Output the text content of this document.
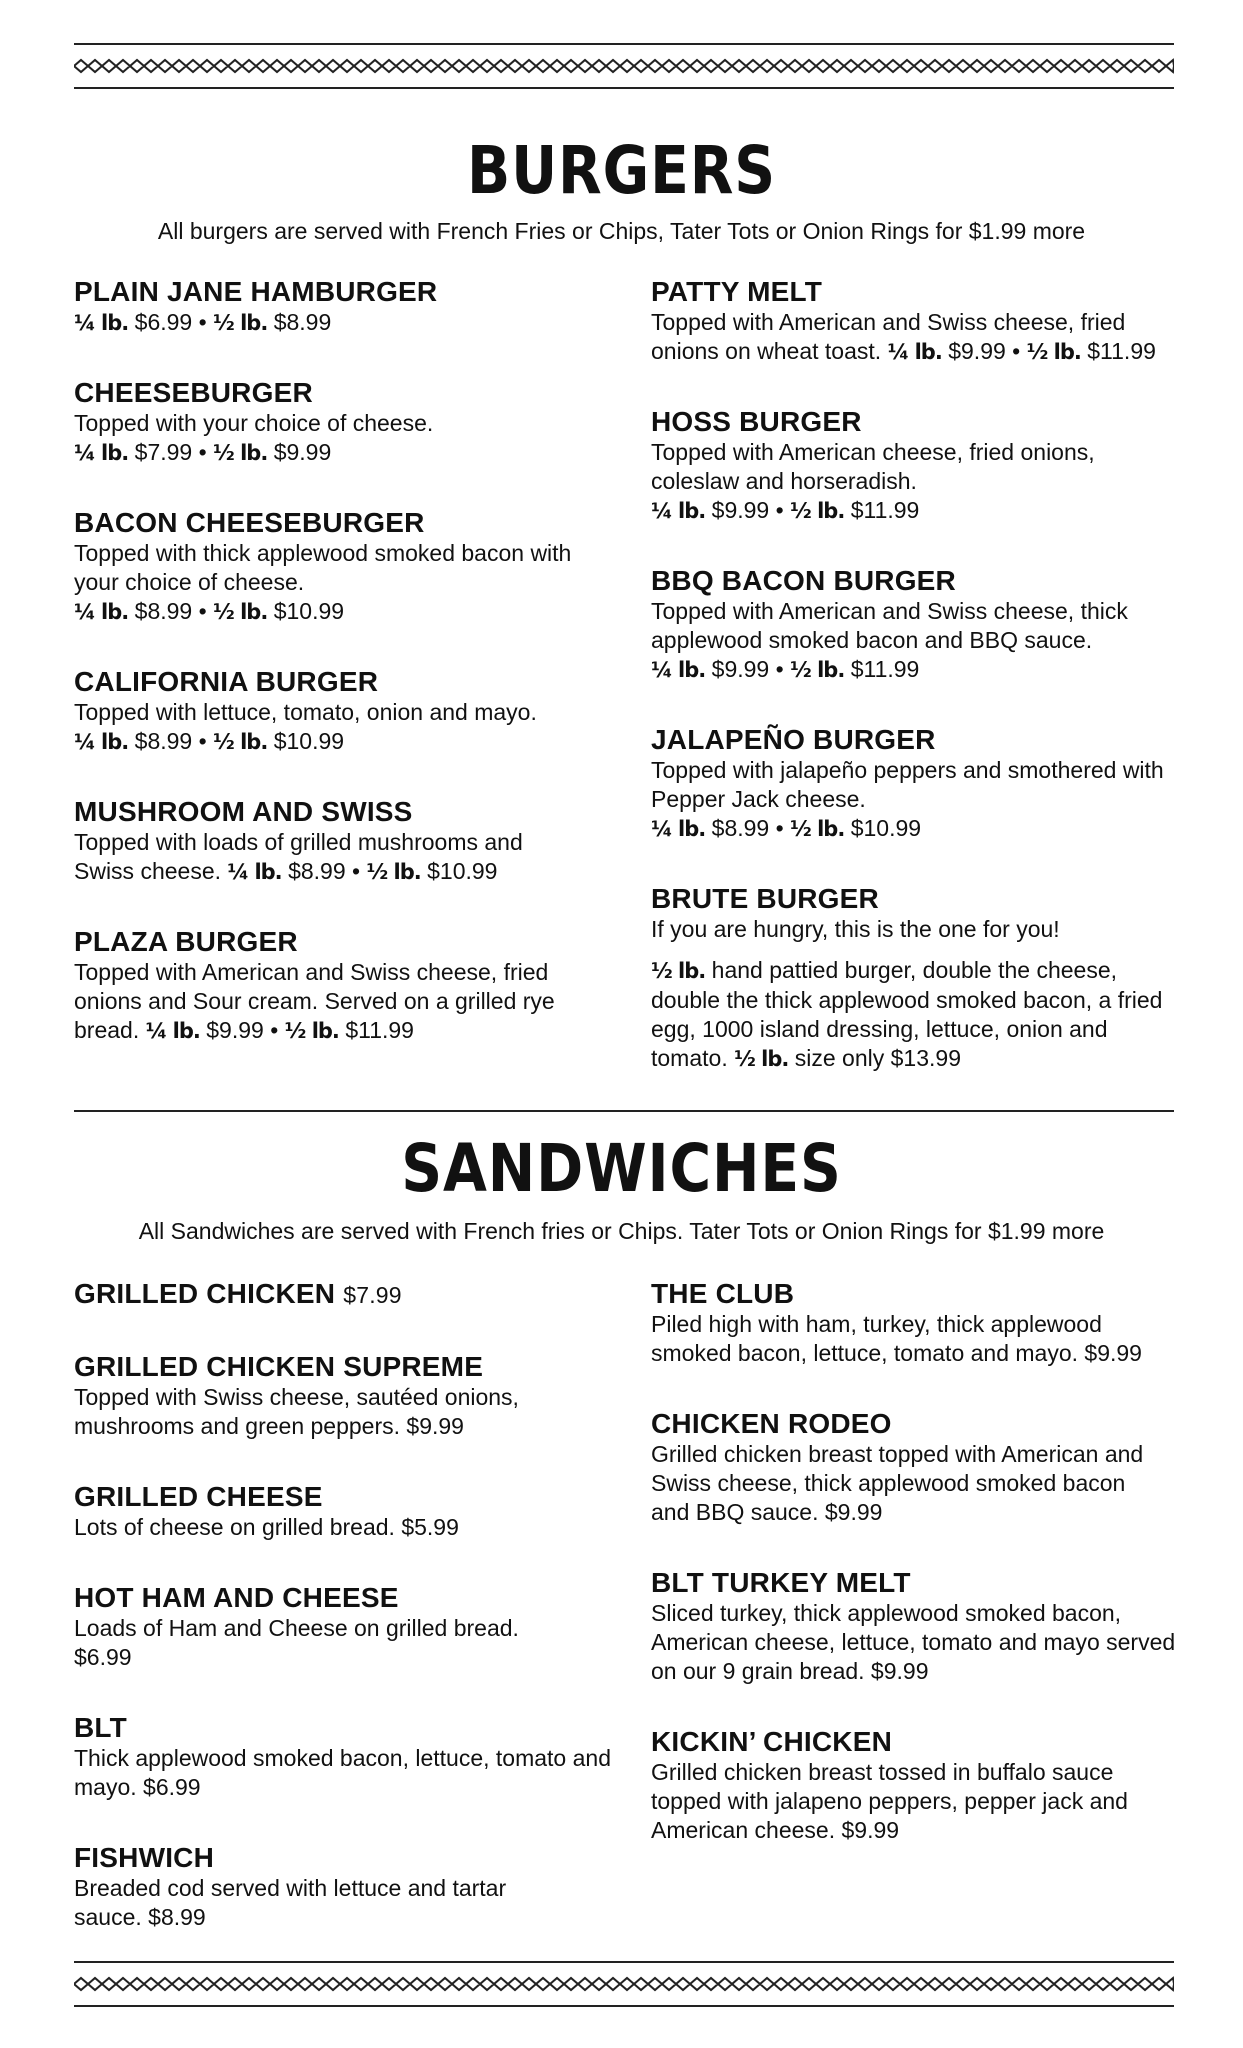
BURGERS

All burgers are served with French Fries or Chips, Tater Tots or Onion Rings for $1.99 more

PLAIN JANE HAMBURGER

¼ lb. $6.99 • ½ lb. $8.99

CHEESEBURGER

Topped with your choice of cheese.

¼ lb. $7.99 • ½ lb. $9.99

BACON CHEESEBURGER

Topped with thick applewood smoked bacon with your choice of cheese.

¼ lb. $8.99 • ½ lb. $10.99

CALIFORNIA BURGER

Topped with lettuce, tomato, onion and mayo.

¼ lb. $8.99 • ½ lb. $10.99

MUSHROOM AND SWISS

Topped with loads of grilled mushrooms and Swiss cheese. ¼ lb. $8.99 • ½ lb. $10.99

PLAZA BURGER

Topped with American and Swiss cheese, fried onions and Sour cream. Served on a grilled rye bread. ¼ lb. $9.99 • ½ lb. $11.99

PATTY MELT

Topped with American and Swiss cheese, fried onions on wheat toast. ¼ lb. $9.99 • ½ lb. $11.99

HOSS BURGER

Topped with American cheese, fried onions, coleslaw and horseradish.

¼ lb. $9.99 • ½ lb. $11.99

BBQ BACON BURGER

Topped with American and Swiss cheese, thick applewood smoked bacon and BBQ sauce.

¼ lb. $9.99 • ½ lb. $11.99

JALAPEÑO BURGER

Topped with jalapeño peppers and smothered with Pepper Jack cheese.

¼ lb. $8.99 • ½ lb. $10.99

BRUTE BURGER

If you are hungry, this is the one for you!

½ lb. hand pattied burger, double the cheese, double the thick applewood smoked bacon, a fried egg, 1000 island dressing, lettuce, onion and tomato. ½ lb. size only $13.99

SANDWICHES

All Sandwiches are served with French fries or Chips. Tater Tots or Onion Rings for $1.99 more

GRILLED CHICKEN $7.99

GRILLED CHICKEN SUPREME

Topped with Swiss cheese, sautéed onions, mushrooms and green peppers. $9.99

GRILLED CHEESE

Lots of cheese on grilled bread. $5.99

HOT HAM AND CHEESE

Loads of Ham and Cheese on grilled bread. $6.99

BLT

Thick applewood smoked bacon, lettuce, tomato and mayo. $6.99

FISHWICH

Breaded cod served with lettuce and tartar sauce. $8.99

THE CLUB

Piled high with ham, turkey, thick applewood smoked bacon, lettuce, tomato and mayo. $9.99

CHICKEN RODEO

Grilled chicken breast topped with American and Swiss cheese, thick applewood smoked bacon and BBQ sauce. $9.99

BLT TURKEY MELT

Sliced turkey, thick applewood smoked bacon, American cheese, lettuce, tomato and mayo served on our 9 grain bread. $9.99

KICKIN’ CHICKEN

Grilled chicken breast tossed in buffalo sauce topped with jalapeno peppers, pepper jack and American cheese. $9.99
